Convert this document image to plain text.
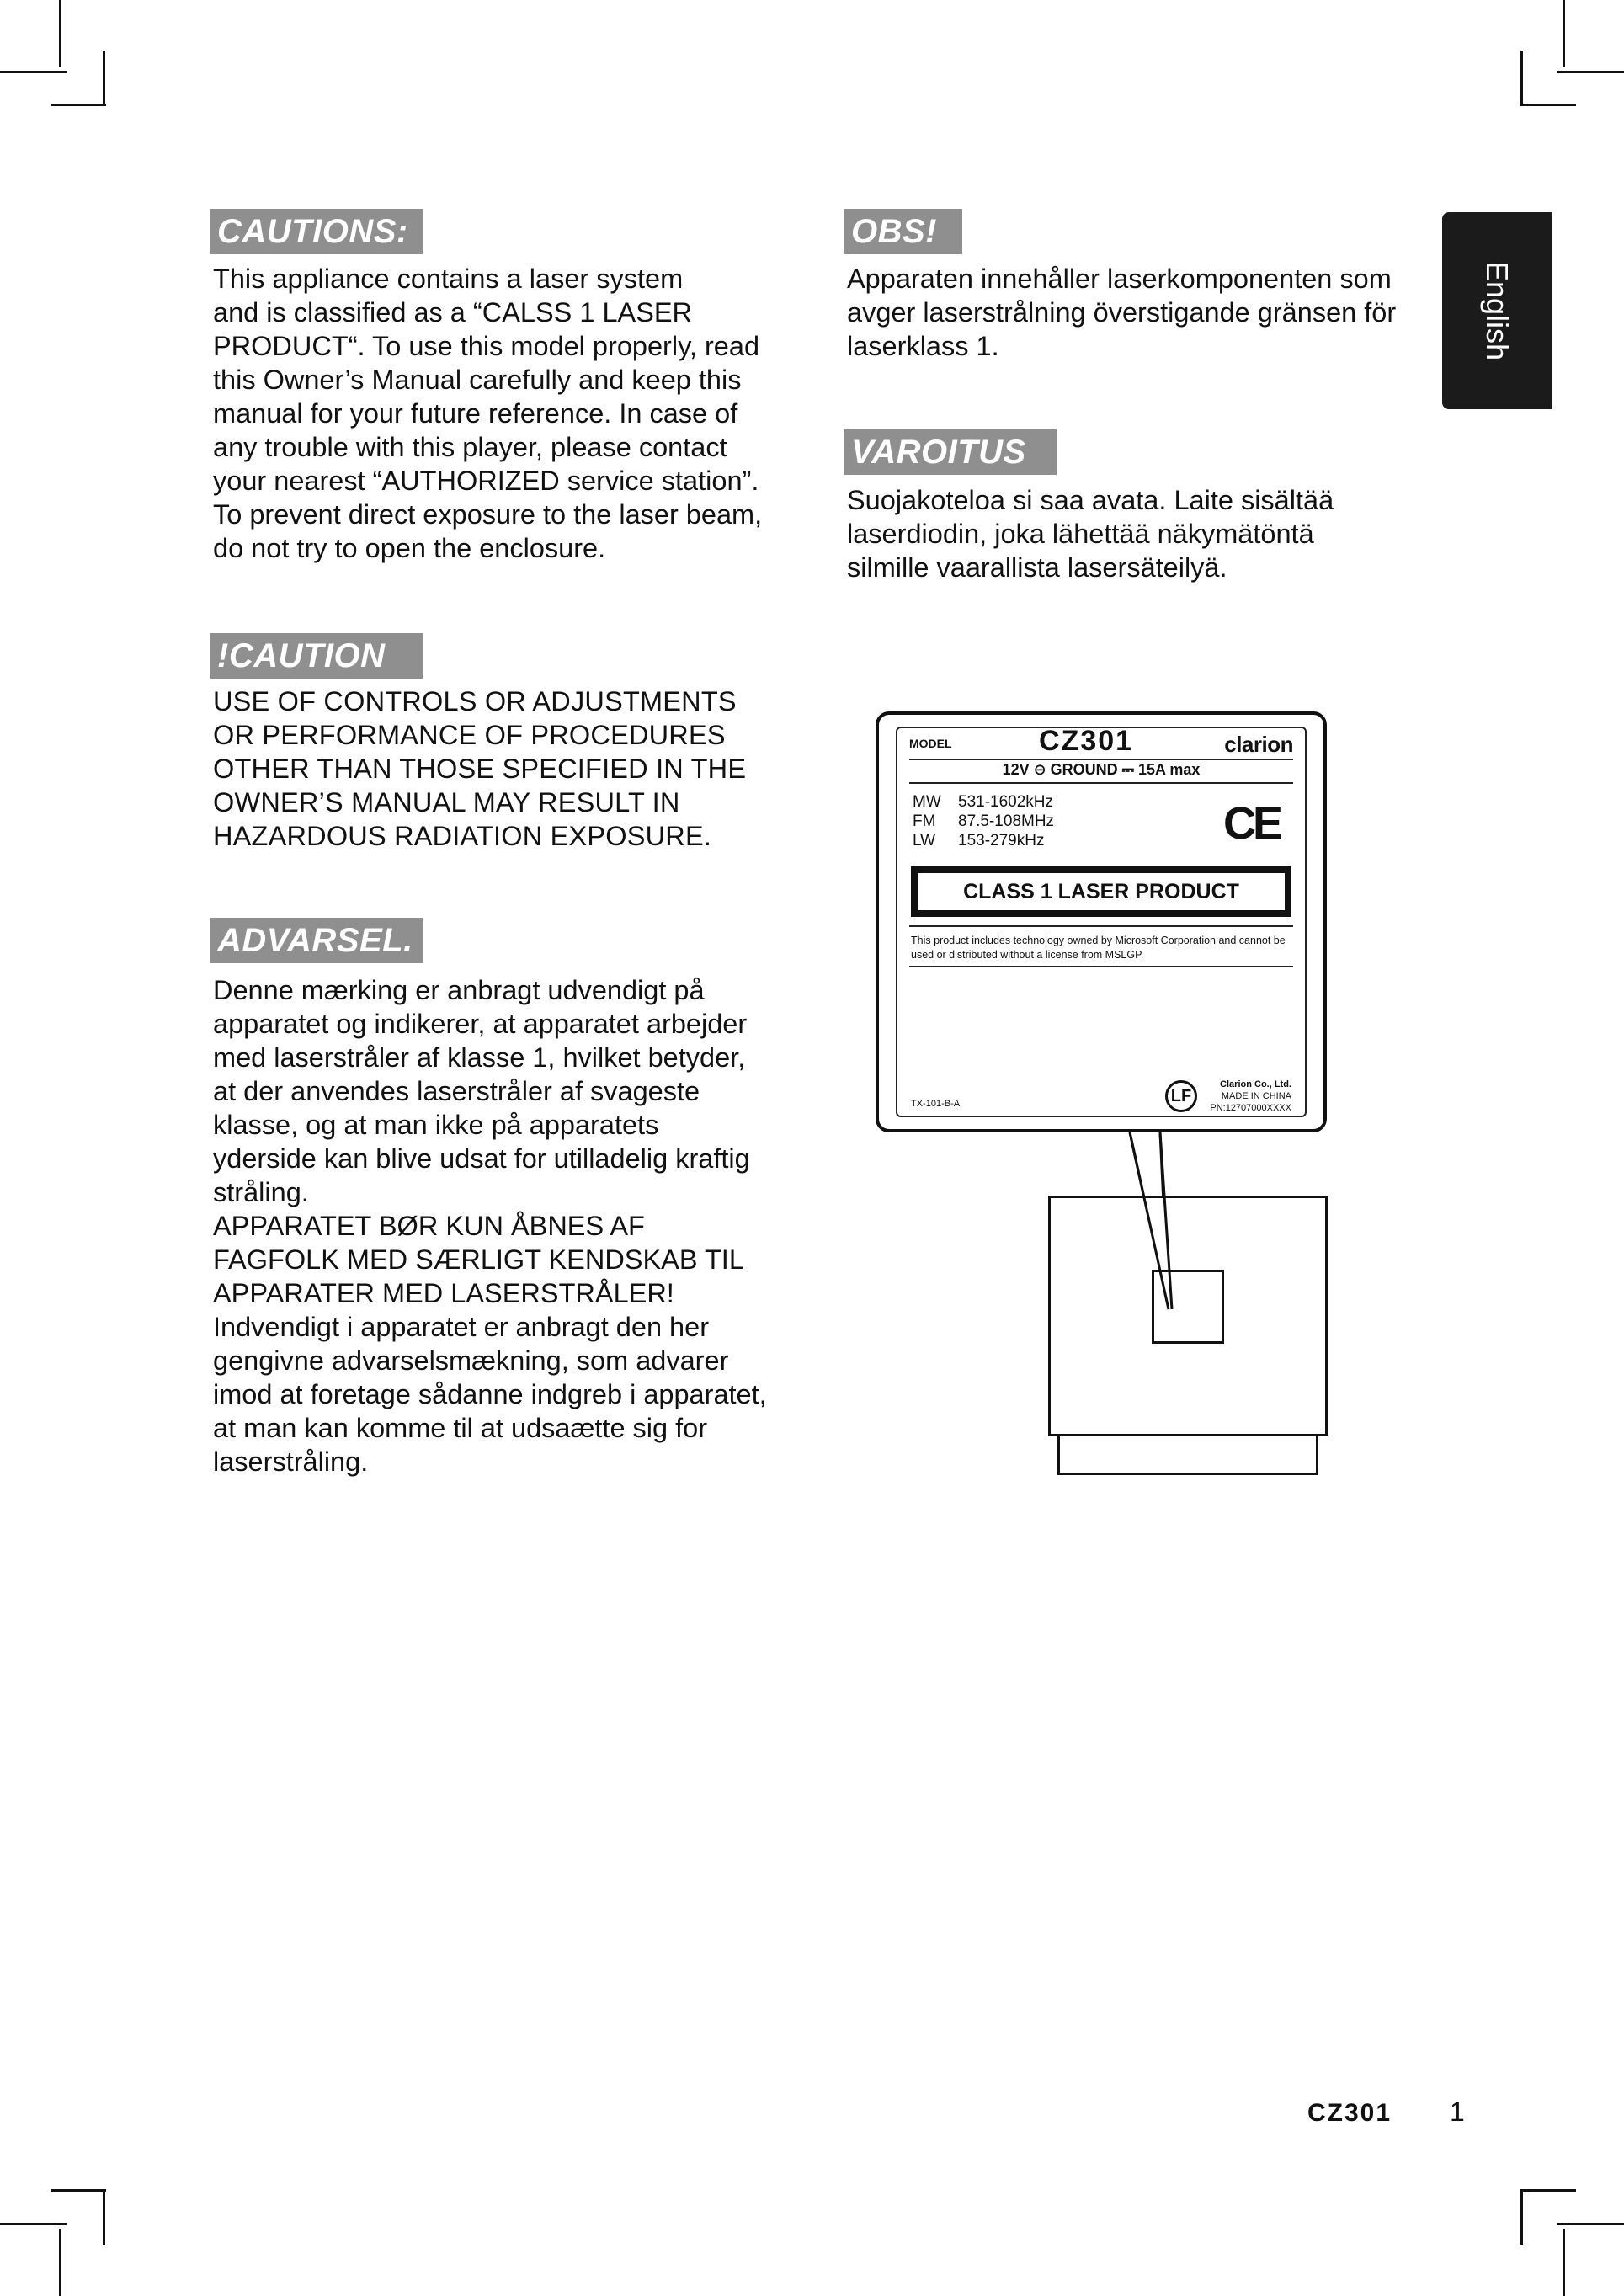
English
CAUTIONS:
This appliance contains a laser system
and is classified as a “CALSS 1 LASER
PRODUCT“. To use this model properly, read
this Owner’s Manual carefully and keep this
manual for your future reference. In case of
any trouble with this player, please contact
your nearest “AUTHORIZED service station”.
To prevent direct exposure to the laser beam,
do not try to open the enclosure.
!CAUTION
USE OF CONTROLS OR ADJUSTMENTS
OR PERFORMANCE OF PROCEDURES
OTHER THAN THOSE SPECIFIED IN THE
OWNER’S MANUAL MAY RESULT IN
HAZARDOUS RADIATION EXPOSURE.
ADVARSEL.
Denne mærking er anbragt udvendigt på
apparatet og indikerer, at apparatet arbejder
med laserstråler af klasse 1, hvilket betyder,
at der anvendes laserstråler af svageste
klasse, og at man ikke på apparatets
yderside kan blive udsat for utilladelig kraftig
stråling.
APPARATET BØR KUN ÅBNES AF
FAGFOLK MED SÆRLIGT KENDSKAB TIL
APPARATER MED LASERSTRÅLER!
Indvendigt i apparatet er anbragt den her
gengivne advarselsmækning, som advarer
imod at foretage sådanne indgreb i apparatet,
at man kan komme til at udsaætte sig for
laserstråling.
OBS!
Apparaten innehåller laserkomponenten som
avger laserstrålning överstigande gränsen för
laserklass 1.
VAROITUS
Suojakoteloa si saa avata. Laite sisältää
laserdiodin, joka lähettää näkymätöntä
silmille vaarallista lasersäteilyä.
MODEL	CZ301	clarion
12V ⊖ GROUND ⎓ 15A max
MW 531-1602kHz
FM 87.5-108MHz
LW 153-279kHz	CE
CLASS 1 LASER PRODUCT
This product includes technology owned by Microsoft Corporation and cannot be used or distributed without a license from MSLGP.
TX-101-B-A	LF
Clarion Co., Ltd.
MADE IN CHINA
PN:12707000XXXX
CZ301 1
